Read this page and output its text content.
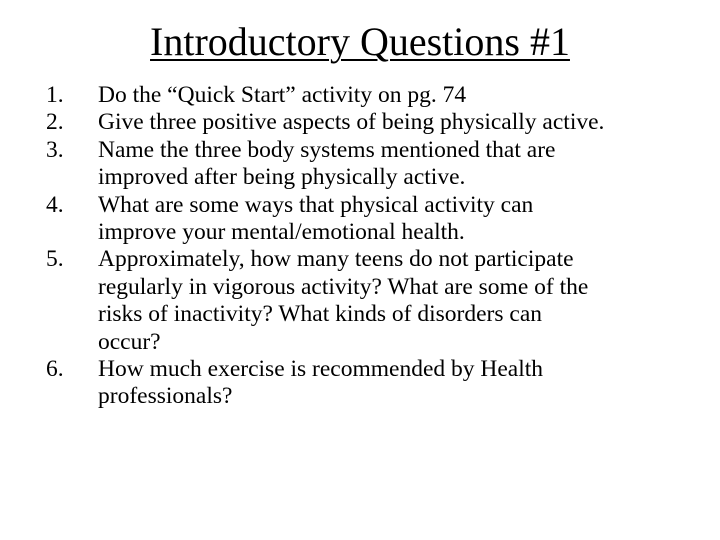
Introductory Questions #1
1.	Do the “Quick Start” activity on pg. 74
2.	Give three positive aspects of being physically active.
3.	Name the three body systems mentioned that are
improved after being physically active.
4.	What are some ways that physical activity can
improve your mental/emotional health.
5.	Approximately, how many teens do not participate
regularly in vigorous activity? What are some of the
risks of inactivity? What kinds of disorders can
occur?
6.	How much exercise is recommended by Health
professionals?
